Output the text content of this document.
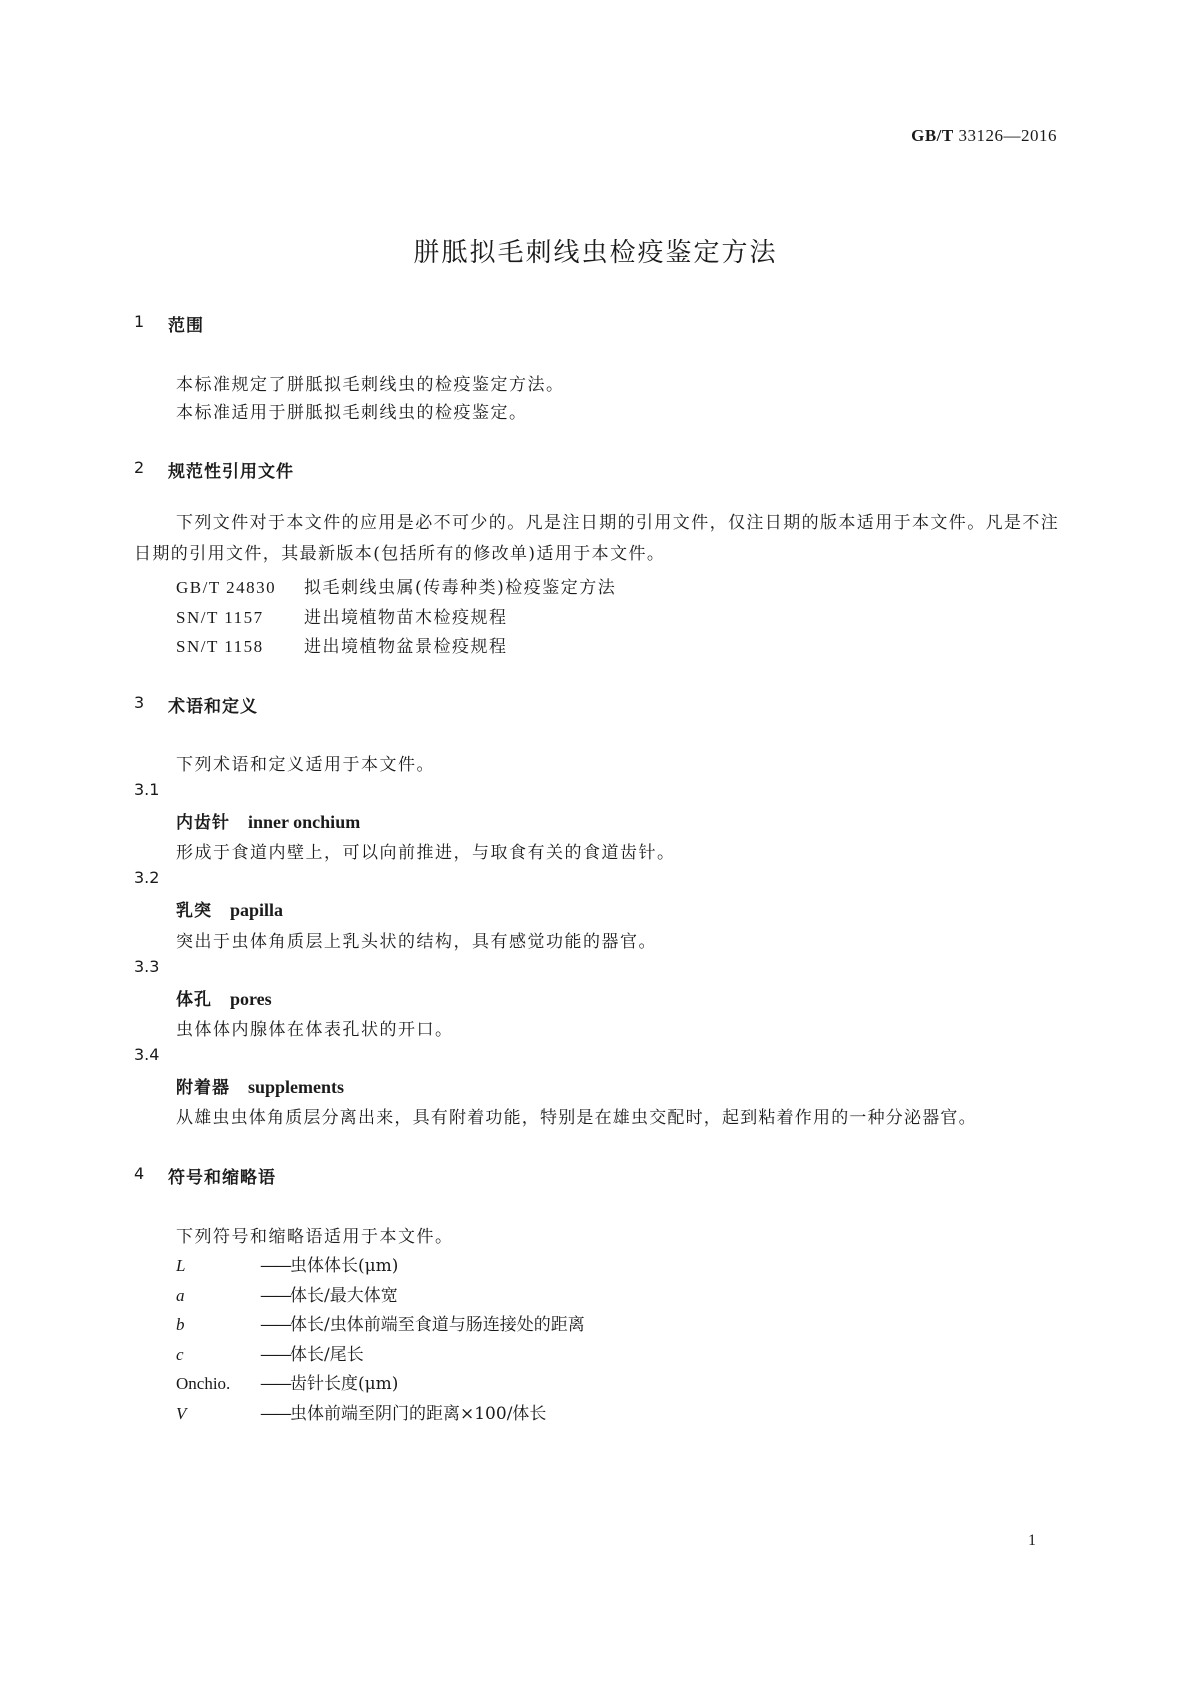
GB/T 33126—2016
胼胝拟毛刺线虫检疫鉴定方法
1 范围
本标准规定了胼胝拟毛刺线虫的检疫鉴定方法。
本标准适用于胼胝拟毛刺线虫的检疫鉴定。
2 规范性引用文件
下列文件对于本文件的应用是必不可少的。凡是注日期的引用文件，仅注日期的版本适用于本文件。凡是不注日期的引用文件，其最新版本(包括所有的修改单)适用于本文件。
GB/T 24830 拟毛刺线虫属(传毒种类)检疫鉴定方法
SN/T 1157 进出境植物苗木检疫规程
SN/T 1158 进出境植物盆景检疫规程
3 术语和定义
下列术语和定义适用于本文件。
3.1
内齿针 inner onchium
形成于食道内壁上，可以向前推进，与取食有关的食道齿针。
3.2
乳突 papilla
突出于虫体角质层上乳头状的结构，具有感觉功能的器官。
3.3
体孔 pores
虫体体内腺体在体表孔状的开口。
3.4
附着器 supplements
从雄虫虫体角质层分离出来，具有附着功能，特别是在雄虫交配时，起到粘着作用的一种分泌器官。
4 符号和缩略语
下列符号和缩略语适用于本文件。
L	——虫体体长(μm)
a	——体长/最大体宽
b	——体长/虫体前端至食道与肠连接处的距离
c	——体长/尾长
Onchio. ——齿针长度(μm)
V	——虫体前端至阴门的距离×100/体长
1
